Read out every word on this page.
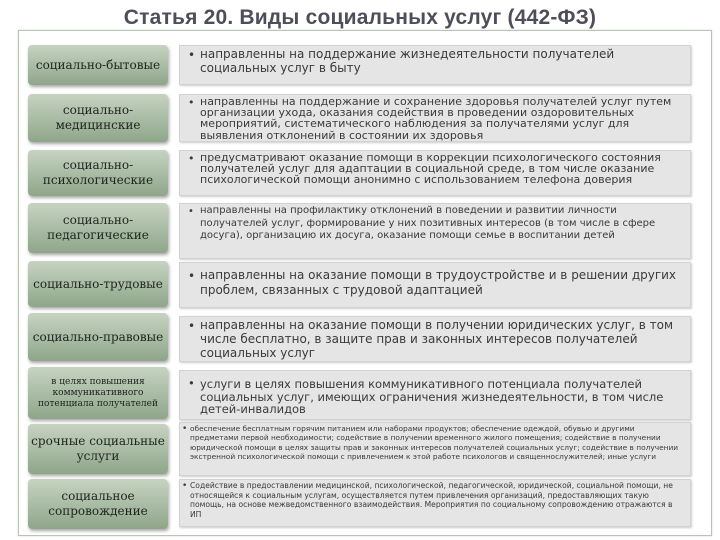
Статья 20. Виды социальных услуг (442-ФЗ)
социально-бытовые
• направленны на поддержание жизнедеятельности получателей социальных услуг в быту
социально-медицинские
• направленны на поддержание и сохранение здоровья получателей услуг путем организации ухода, оказания содействия в проведении оздоровительных мероприятий, систематического наблюдения за получателями услуг для выявления отклонений в состоянии их здоровья
социально-психологические
• предусматривают оказание помощи в коррекции психологического состояния получателей услуг для адаптации в социальной среде, в том числе оказание психологической помощи анонимно с использованием телефона доверия
социально-педагогические
• направленны на профилактику отклонений в поведении и развитии личности получателей услуг, формирование у них позитивных интересов (в том числе в сфере досуга), организацию их досуга, оказание помощи семье в воспитании детей
социально-трудовые
• направленны на оказание помощи в трудоустройстве и в решении других проблем, связанных с трудовой адаптацией
социально-правовые
• направленны на оказание помощи в получении юридических услуг, в том числе бесплатно, в защите прав и законных интересов получателей социальных услуг
в целях повышения коммуникативного потенциала получателей
• услуги в целях повышения коммуникативного потенциала получателей социальных услуг, имеющих ограничения жизнедеятельности, в том числе детей-инвалидов
срочные социальные услуги
• обеспечение бесплатным горячим питанием или наборами продуктов; обеспечение одеждой, обувью и другими предметами первой необходимости; содействие в получении временного жилого помещения; содействие в получении юридической помощи в целях защиты прав и законных интересов получателей социальных услуг; содействие в получении экстренной психологической помощи с привлечением к этой работе психологов и священнослужителей; иные услуги
социальное сопровождение
• Содействие в предоставлении медицинской, психологической, педагогической, юридической, социальной помощи, не относящейся к социальным услугам, осуществляется путем привлечения организаций, предоставляющих такую помощь, на основе межведомственного взаимодействия. Мероприятия по социальному сопровождению отражаются в ИП
